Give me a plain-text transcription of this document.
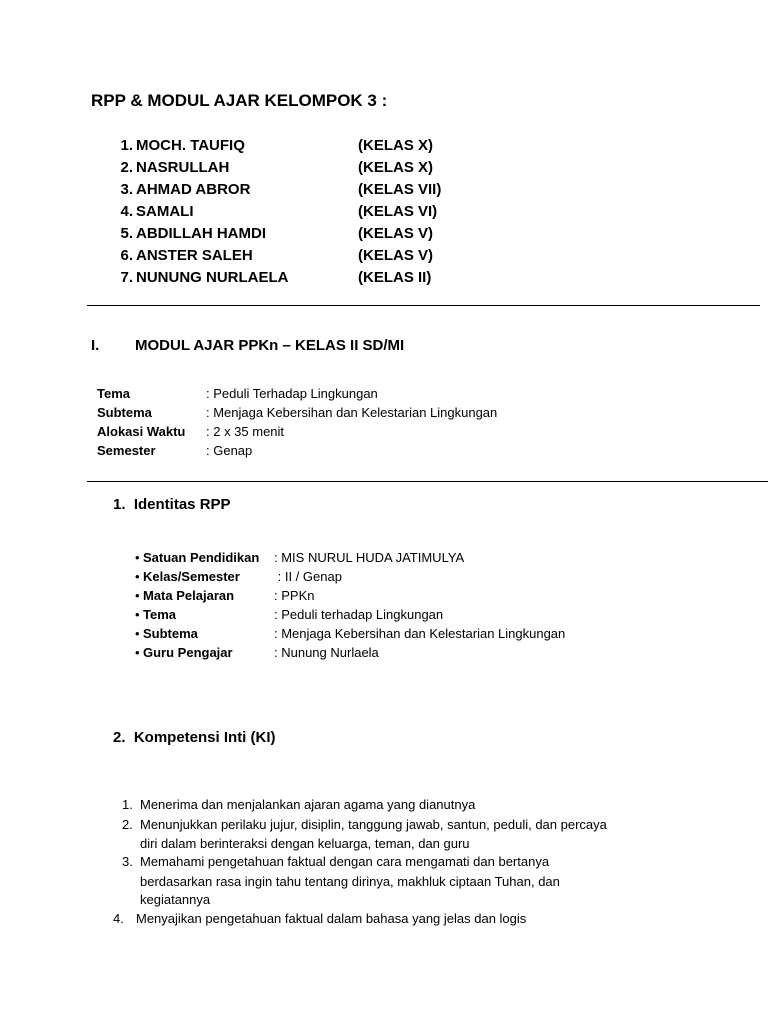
RPP & MODUL AJAR KELOMPOK 3 :
1. MOCH. TAUFIQ	(KELAS X)
2. NASRULLAH	(KELAS X)
3. AHMAD ABROR	(KELAS VII)
4. SAMALI	(KELAS VI)
5. ABDILLAH HAMDI	(KELAS V)
6. ANSTER SALEH	(KELAS V)
7. NUNUNG NURLAELA	(KELAS II)
I. MODUL AJAR PPKn – KELAS II SD/MI
Tema	: Peduli Terhadap Lingkungan
Subtema	: Menjaga Kebersihan dan Kelestarian Lingkungan
Alokasi Waktu : 2 x 35 menit
Semester	: Genap
1.  Identitas RPP
• Satuan Pendidikan : MIS NURUL HUDA JATIMULYA
• Kelas/Semester	: II / Genap
• Mata Pelajaran	: PPKn
• Tema	: Peduli terhadap Lingkungan
• Subtema	: Menjaga Kebersihan dan Kelestarian Lingkungan
• Guru Pengajar	: Nunung Nurlaela
2.  Kompetensi Inti (KI)
1. Menerima dan menjalankan ajaran agama yang dianutnya
2. Menunjukkan perilaku jujur, disiplin, tanggung jawab, santun, peduli, dan percaya
diri dalam berinteraksi dengan keluarga, teman, dan guru
3. Memahami pengetahuan faktual dengan cara mengamati dan bertanya
berdasarkan rasa ingin tahu tentang dirinya, makhluk ciptaan Tuhan, dan
kegiatannya
4. Menyajikan pengetahuan faktual dalam bahasa yang jelas dan logis
